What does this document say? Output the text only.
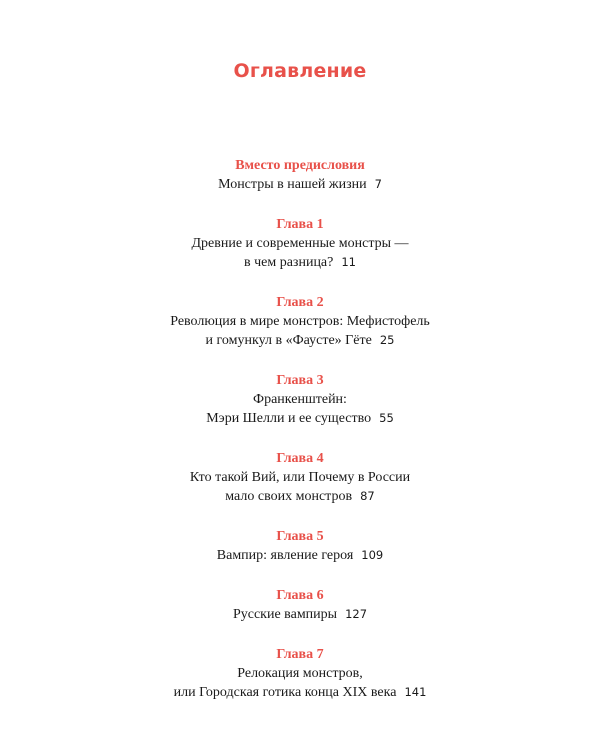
Оглавление
Вместо предисловия
Монстры в нашей жизни 7
Глава 1
Древние и современные монстры —
в чем разница? 11
Глава 2
Революция в мире монстров: Мефистофель
и гомункул в «Фаусте» Гёте 25
Глава 3
Франкенштейн:
Мэри Шелли и ее существо 55
Глава 4
Кто такой Вий, или Почему в России
мало своих монстров 87
Глава 5
Вампир: явление героя 109
Глава 6
Русские вампиры 127
Глава 7
Релокация монстров,
или Городская готика конца XIX века 141
